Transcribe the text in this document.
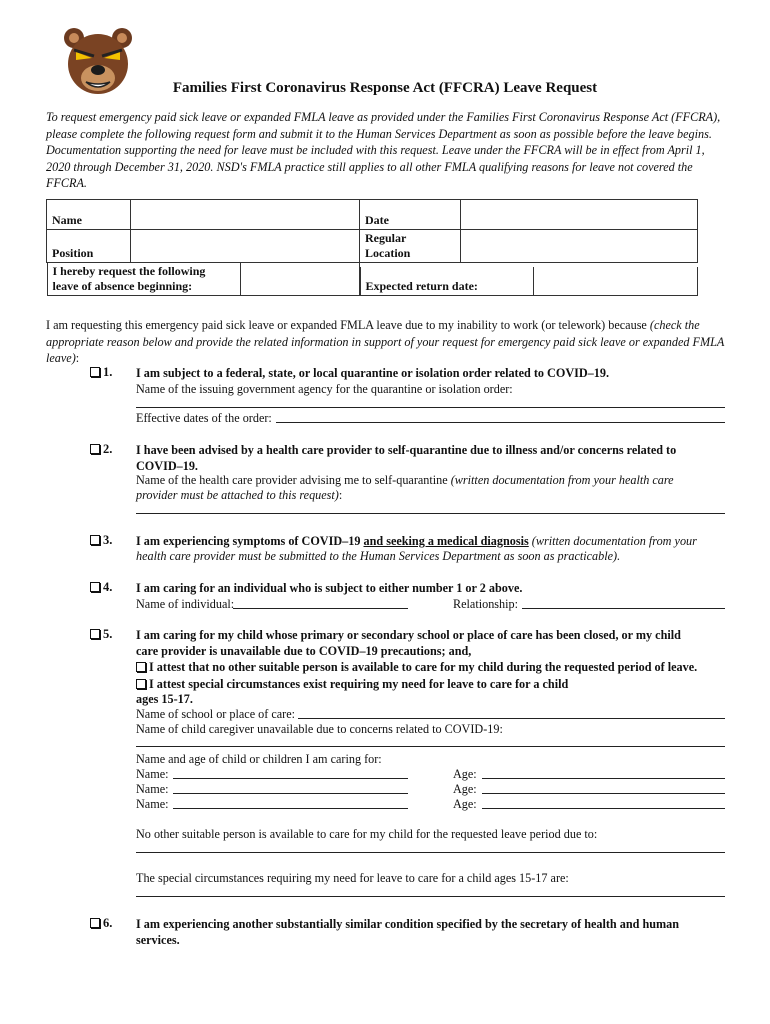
Families First Coronavirus Response Act (FFCRA) Leave Request
To request emergency paid sick leave or expanded FMLA leave as provided under the Families First Coronavirus Response Act (FFCRA), please complete the following request form and submit it to the Human Services Department as soon as possible before the leave begins. Documentation supporting the need for leave must be included with this request. Leave under the FFCRA will be in effect from April 1, 2020 through December 31, 2020. NSD's FMLA practice still applies to all other FMLA qualifying reasons for leave not covered the FFCRA.
Name		Date	
Position		Regular
Location	

I hereby request the following
leave of absence beginning:	
		Expected return date:	
I am requesting this emergency paid sick leave or expanded FMLA leave due to my inability to work (or telework) because (check the appropriate reason below and provide the related information in support of your request for emergency paid sick leave or expanded FMLA leave):
1. I am subject to a federal, state, or local quarantine or isolation order related to COVID–19.
Name of the issuing government agency for the quarantine or isolation order:
Effective dates of the order:
2. I have been advised by a health care provider to self-quarantine due to illness and/or concerns related to
COVID–19.
Name of the health care provider advising me to self-quarantine (written documentation from your health care
provider must be attached to this request):
3. I am experiencing symptoms of COVID–19 and seeking a medical diagnosis (written documentation from your
health care provider must be submitted to the Human Services Department as soon as practicable).
4. I am caring for an individual who is subject to either number 1 or 2 above.
Name of individual:	Relationship:
5. I am caring for my child whose primary or secondary school or place of care has been closed, or my child
care provider is unavailable due to COVID–19 precautions; and,
I attest that no other suitable person is available to care for my child during the requested period of leave.
I attest special circumstances exist requiring my need for leave to care for a child
ages 15-17.
Name of school or place of care:
Name of child caregiver unavailable due to concerns related to COVID-19:
Name and age of child or children I am caring for:
Name:	Age:
Name:	Age:
Name:	Age:
No other suitable person is available to care for my child for the requested leave period due to:
The special circumstances requiring my need for leave to care for a child ages 15-17 are:
6. I am experiencing another substantially similar condition specified by the secretary of health and human
services.
